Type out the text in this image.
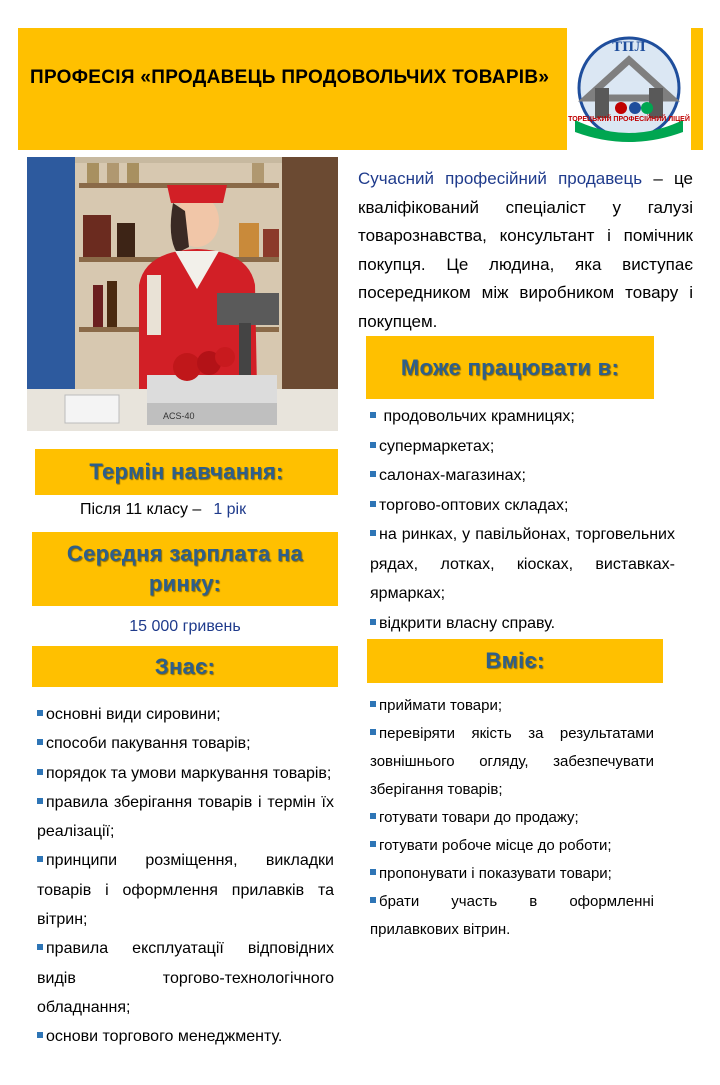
ПРОФЕСІЯ «ПРОДАВЕЦЬ ПРОДОВОЛЬЧИХ ТОВАРІВ»
ТПЛ
ТОРЕЦЬКИЙ ПРОФЕСІЙНИЙ ЛІЦЕЙ
ACS-40
Сучасний професійний продавець – це кваліфікований спеціаліст у галузі товарознавства, консультант і помічник покупця. Це людина, яка виступає посередником між виробником товару і покупцем.
Може працювати в:
продовольчих крамницях;
супермаркетах;
салонах-магазинах;
торгово-оптових складах;
на ринках, у павільйонах, торговельних рядах, лотках, кіосках, виставках-ярмарках;
відкрити власну справу.
Термін навчання:
Після 11 класу – 1 рік
Середня зарплата на ринку:
15 000 гривень
Знає:
основні види сировини;
способи пакування товарів;
порядок та умови маркування товарів;
правила зберігання товарів і термін їх реалізації;
принципи розміщення, викладки товарів і оформлення прилавків та вітрин;
правила експлуатації відповідних видів торгово-технологічного обладнання;
основи торгового менеджменту.
Вміє:
приймати товари;
перевіряти якість за результатами зовнішнього огляду, забезпечувати зберігання товарів;
готувати товари до продажу;
готувати робоче місце до роботи;
пропонувати і показувати товари;
брати участь в оформленні прилавкових вітрин.
